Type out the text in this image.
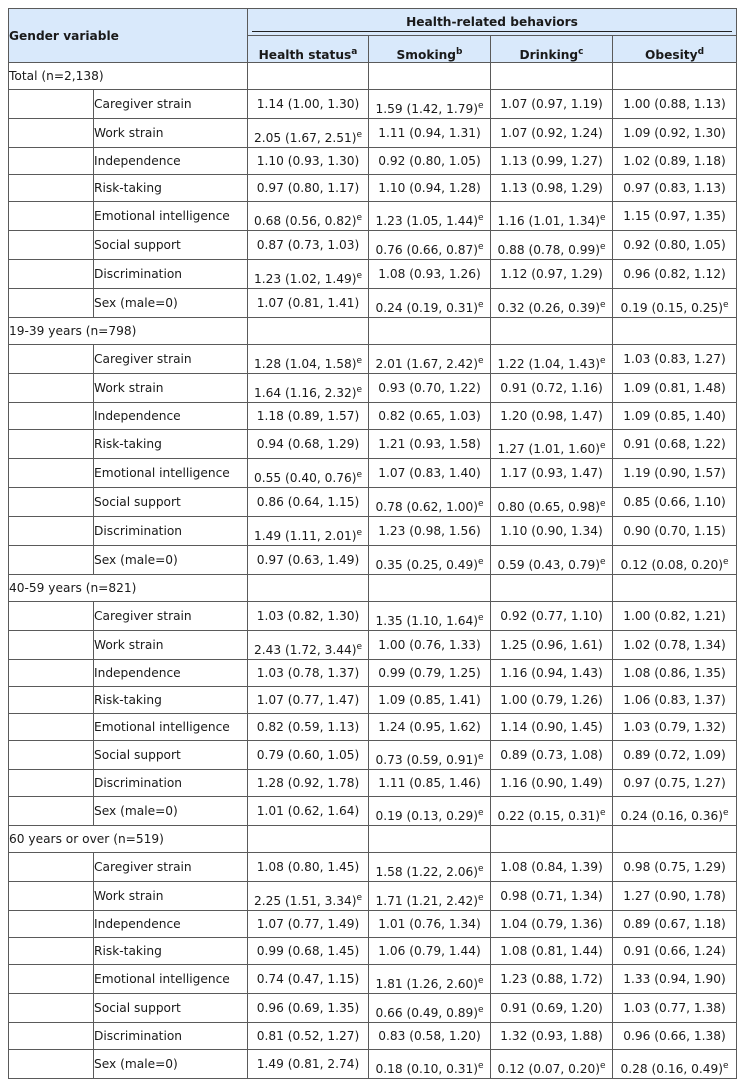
Gender variable		Health-related behaviors			

		Health status$^a$	Smoking$^b$	Drinking$^c$	Obesity$^d$
Total (n=2,138)					
	Caregiver strain	1.14 (1.00, 1.30)	1.59 (1.42, 1.79)$^e$	1.07 (0.97, 1.19)	1.00 (0.88, 1.13)
	Work strain	2.05 (1.67, 2.51)$^e$	1.11 (0.94, 1.31)	1.07 (0.92, 1.24)	1.09 (0.92, 1.30)
	Independence	1.10 (0.93, 1.30)	0.92 (0.80, 1.05)	1.13 (0.99, 1.27)	1.02 (0.89, 1.18)
	Risk-taking	0.97 (0.80, 1.17)	1.10 (0.94, 1.28)	1.13 (0.98, 1.29)	0.97 (0.83, 1.13)
	Emotional intelligence	0.68 (0.56, 0.82)$^e$	1.23 (1.05, 1.44)$^e$	1.16 (1.01, 1.34)$^e$	1.15 (0.97, 1.35)
	Social support	0.87 (0.73, 1.03)	0.76 (0.66, 0.87)$^e$	0.88 (0.78, 0.99)$^e$	0.92 (0.80, 1.05)
	Discrimination	1.23 (1.02, 1.49)$^e$	1.08 (0.93, 1.26)	1.12 (0.97, 1.29)	0.96 (0.82, 1.12)
	Sex (male=0)	1.07 (0.81, 1.41)	0.24 (0.19, 0.31)$^e$	0.32 (0.26, 0.39)$^e$	0.19 (0.15, 0.25)$^e$
19-39 years (n=798)					
	Caregiver strain	1.28 (1.04, 1.58)$^e$	2.01 (1.67, 2.42)$^e$	1.22 (1.04, 1.43)$^e$	1.03 (0.83, 1.27)
	Work strain	1.64 (1.16, 2.32)$^e$	0.93 (0.70, 1.22)	0.91 (0.72, 1.16)	1.09 (0.81, 1.48)
	Independence	1.18 (0.89, 1.57)	0.82 (0.65, 1.03)	1.20 (0.98, 1.47)	1.09 (0.85, 1.40)
	Risk-taking	0.94 (0.68, 1.29)	1.21 (0.93, 1.58)	1.27 (1.01, 1.60)$^e$	0.91 (0.68, 1.22)
	Emotional intelligence	0.55 (0.40, 0.76)$^e$	1.07 (0.83, 1.40)	1.17 (0.93, 1.47)	1.19 (0.90, 1.57)
	Social support	0.86 (0.64, 1.15)	0.78 (0.62, 1.00)$^e$	0.80 (0.65, 0.98)$^e$	0.85 (0.66, 1.10)
	Discrimination	1.49 (1.11, 2.01)$^e$	1.23 (0.98, 1.56)	1.10 (0.90, 1.34)	0.90 (0.70, 1.15)
	Sex (male=0)	0.97 (0.63, 1.49)	0.35 (0.25, 0.49)$^e$	0.59 (0.43, 0.79)$^e$	0.12 (0.08, 0.20)$^e$
40-59 years (n=821)					
	Caregiver strain	1.03 (0.82, 1.30)	1.35 (1.10, 1.64)$^e$	0.92 (0.77, 1.10)	1.00 (0.82, 1.21)
	Work strain	2.43 (1.72, 3.44)$^e$	1.00 (0.76, 1.33)	1.25 (0.96, 1.61)	1.02 (0.78, 1.34)
	Independence	1.03 (0.78, 1.37)	0.99 (0.79, 1.25)	1.16 (0.94, 1.43)	1.08 (0.86, 1.35)
	Risk-taking	1.07 (0.77, 1.47)	1.09 (0.85, 1.41)	1.00 (0.79, 1.26)	1.06 (0.83, 1.37)
	Emotional intelligence	0.82 (0.59, 1.13)	1.24 (0.95, 1.62)	1.14 (0.90, 1.45)	1.03 (0.79, 1.32)
	Social support	0.79 (0.60, 1.05)	0.73 (0.59, 0.91)$^e$	0.89 (0.73, 1.08)	0.89 (0.72, 1.09)
	Discrimination	1.28 (0.92, 1.78)	1.11 (0.85, 1.46)	1.16 (0.90, 1.49)	0.97 (0.75, 1.27)
	Sex (male=0)	1.01 (0.62, 1.64)	0.19 (0.13, 0.29)$^e$	0.22 (0.15, 0.31)$^e$	0.24 (0.16, 0.36)$^e$
60 years or over (n=519)					
	Caregiver strain	1.08 (0.80, 1.45)	1.58 (1.22, 2.06)$^e$	1.08 (0.84, 1.39)	0.98 (0.75, 1.29)
	Work strain	2.25 (1.51, 3.34)$^e$	1.71 (1.21, 2.42)$^e$	0.98 (0.71, 1.34)	1.27 (0.90, 1.78)
	Independence	1.07 (0.77, 1.49)	1.01 (0.76, 1.34)	1.04 (0.79, 1.36)	0.89 (0.67, 1.18)
	Risk-taking	0.99 (0.68, 1.45)	1.06 (0.79, 1.44)	1.08 (0.81, 1.44)	0.91 (0.66, 1.24)
	Emotional intelligence	0.74 (0.47, 1.15)	1.81 (1.26, 2.60)$^e$	1.23 (0.88, 1.72)	1.33 (0.94, 1.90)
	Social support	0.96 (0.69, 1.35)	0.66 (0.49, 0.89)$^e$	0.91 (0.69, 1.20)	1.03 (0.77, 1.38)
	Discrimination	0.81 (0.52, 1.27)	0.83 (0.58, 1.20)	1.32 (0.93, 1.88)	0.96 (0.66, 1.38)
	Sex (male=0)	1.49 (0.81, 2.74)	0.18 (0.10, 0.31)$^e$	0.12 (0.07, 0.20)$^e$	0.28 (0.16, 0.49)$^e$
